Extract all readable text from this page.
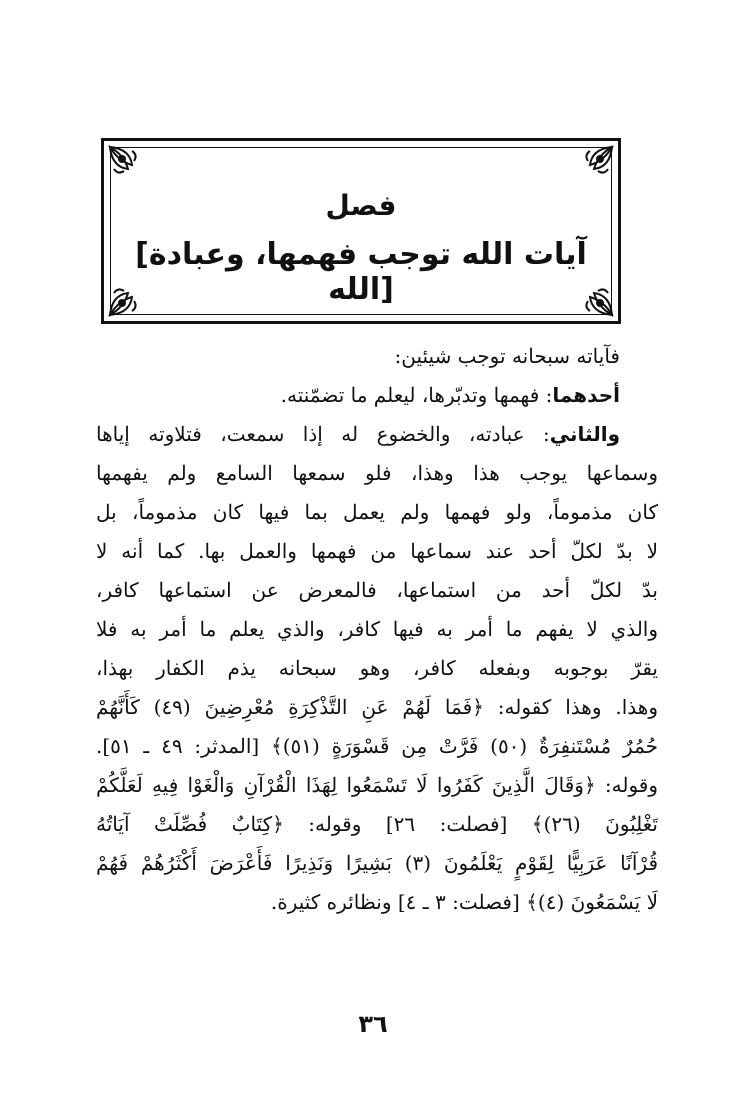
فصل
[آيات الله توجب فهمها، وعبادة الله]
فآياته سبحانه توجب شيئين:
أحدهما: فهمها وتدبّرها، ليعلم ما تضمّنته.
والثاني: عبادته، والخضوع له إذا سمعت، فتلاوته إياها
وسماعها يوجب هذا وهذا، فلو سمعها السامع ولم يفهمها
كان مذموماً، ولو فهمها ولم يعمل بما فيها كان مذموماً، بل
لا بدّ لكلّ أحد عند سماعها من فهمها والعمل بها. كما أنه لا
بدّ لكلّ أحد من استماعها، فالمعرض عن استماعها كافر،
والذي لا يفهم ما أمر به فيها كافر، والذي يعلم ما أمر به فلا
يقرّ بوجوبه وبفعله كافر، وهو سبحانه يذم الكفار بهذا،
وهذا. وهذا كقوله: ﴿فَمَا لَهُمْ عَنِ التَّذْكِرَةِ مُعْرِضِينَ (٤٩) كَأَنَّهُمْ
حُمُرٌ مُسْتَنفِرَةٌ (٥٠) فَرَّتْ مِن قَسْوَرَةٍ (٥١)﴾ [المدثر: ٤٩ ـ ٥١].
وقوله: ﴿وَقَالَ الَّذِينَ كَفَرُوا لَا تَسْمَعُوا لِهَذَا الْقُرْآنِ وَالْغَوْا فِيهِ لَعَلَّكُمْ
تَغْلِبُونَ (٢٦)﴾ [فصلت: ٢٦] وقوله: ﴿كِتَابٌ فُصِّلَتْ آيَاتُهُ
قُرْآنًا عَرَبِيًّا لِقَوْمٍ يَعْلَمُونَ (٣) بَشِيرًا وَنَذِيرًا فَأَعْرَضَ أَكْثَرُهُمْ فَهُمْ
لَا يَسْمَعُونَ (٤)﴾ [فصلت: ٣ ـ ٤] ونظائره كثيرة.
٣٦
